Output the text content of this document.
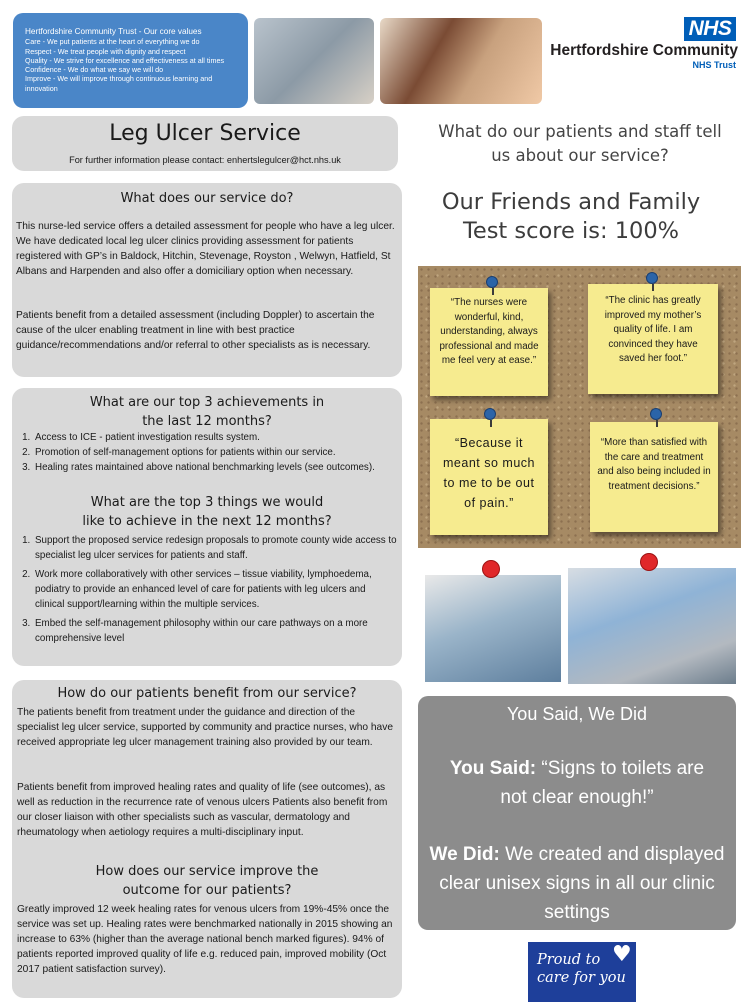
Hertfordshire Community Trust - Our core values
Care - We put patients at the heart of everything we do
Respect - We treat people with dignity and respect
Quality - We strive for excellence and effectiveness at all times
Confidence - We do what we say we will do
Improve - We will improve through continuous learning and innovation
NHS
Hertfordshire Community
NHS Trust
Leg Ulcer Service
For further information please contact: enhertslegulcer@hct.nhs.uk
What does our service do?
This nurse-led service offers a detailed assessment for people who have a leg ulcer. We have dedicated local leg ulcer clinics providing assessment for patients registered with GP’s in Baldock, Hitchin, Stevenage, Royston , Welwyn, Hatfield, St Albans and Harpenden and also offer a domiciliary option when necessary.
Patients benefit from a detailed assessment (including Doppler) to ascertain the cause of the ulcer enabling treatment in line with best practice guidance/recommendations and/or referral to other specialists as is necessary.
What are our top 3 achievements in the last 12 months?
1. Access to ICE - patient investigation results system.
2. Promotion of self-management options for patients within our service.
3. Healing rates maintained above national benchmarking levels (see outcomes).
What are the top 3 things we would like to achieve in the next 12 months?
1. Support the proposed service redesign proposals to promote county wide access to specialist leg ulcer services for patients and staff.
2. Work more collaboratively with other services – tissue viability, lymphoedema, podiatry to provide an enhanced level of care for patients with leg ulcers and clinical support/learning within the multiple services.
3. Embed the self-management philosophy within our care pathways on a more comprehensive level
How do our patients benefit from our service?
The patients benefit from treatment under the guidance and direction of the specialist leg ulcer service, supported by community and practice nurses, who have received appropriate leg ulcer management training also provided by our team.
Patients benefit from improved healing rates and quality of life (see outcomes), as well as reduction in the recurrence rate of venous ulcers Patients also benefit from our closer liaison with other specialists such as vascular, dermatology and rheumatology when aetiology requires a multi-disciplinary input.
How does our service improve the outcome for our patients?
Greatly improved 12 week healing rates for venous ulcers from 19%-45% once the service was set up. Healing rates were benchmarked nationally in 2015 showing an increase to 63% (higher than the average national bench marked figures). 94% of patients reported improved quality of life e.g. reduced pain, improved mobility (Oct 2017 patient satisfaction survey).
What do our patients and staff tell us about our service?
Our Friends and Family Test score is: 100%
“The nurses were wonderful, kind, understanding, always professional and made me feel very at ease.”
“The clinic has greatly improved my mother’s quality of life. I am convinced they have saved her foot.”
“Because it meant so much to me to be out of pain.”
“More than satisfied with the care and treatment and also being included in treatment decisions.”
You Said, We Did
You Said: “Signs to toilets are not clear enough!”
We Did: We created and displayed clear unisex signs in all our clinic settings
Proud to
care for you
♥
